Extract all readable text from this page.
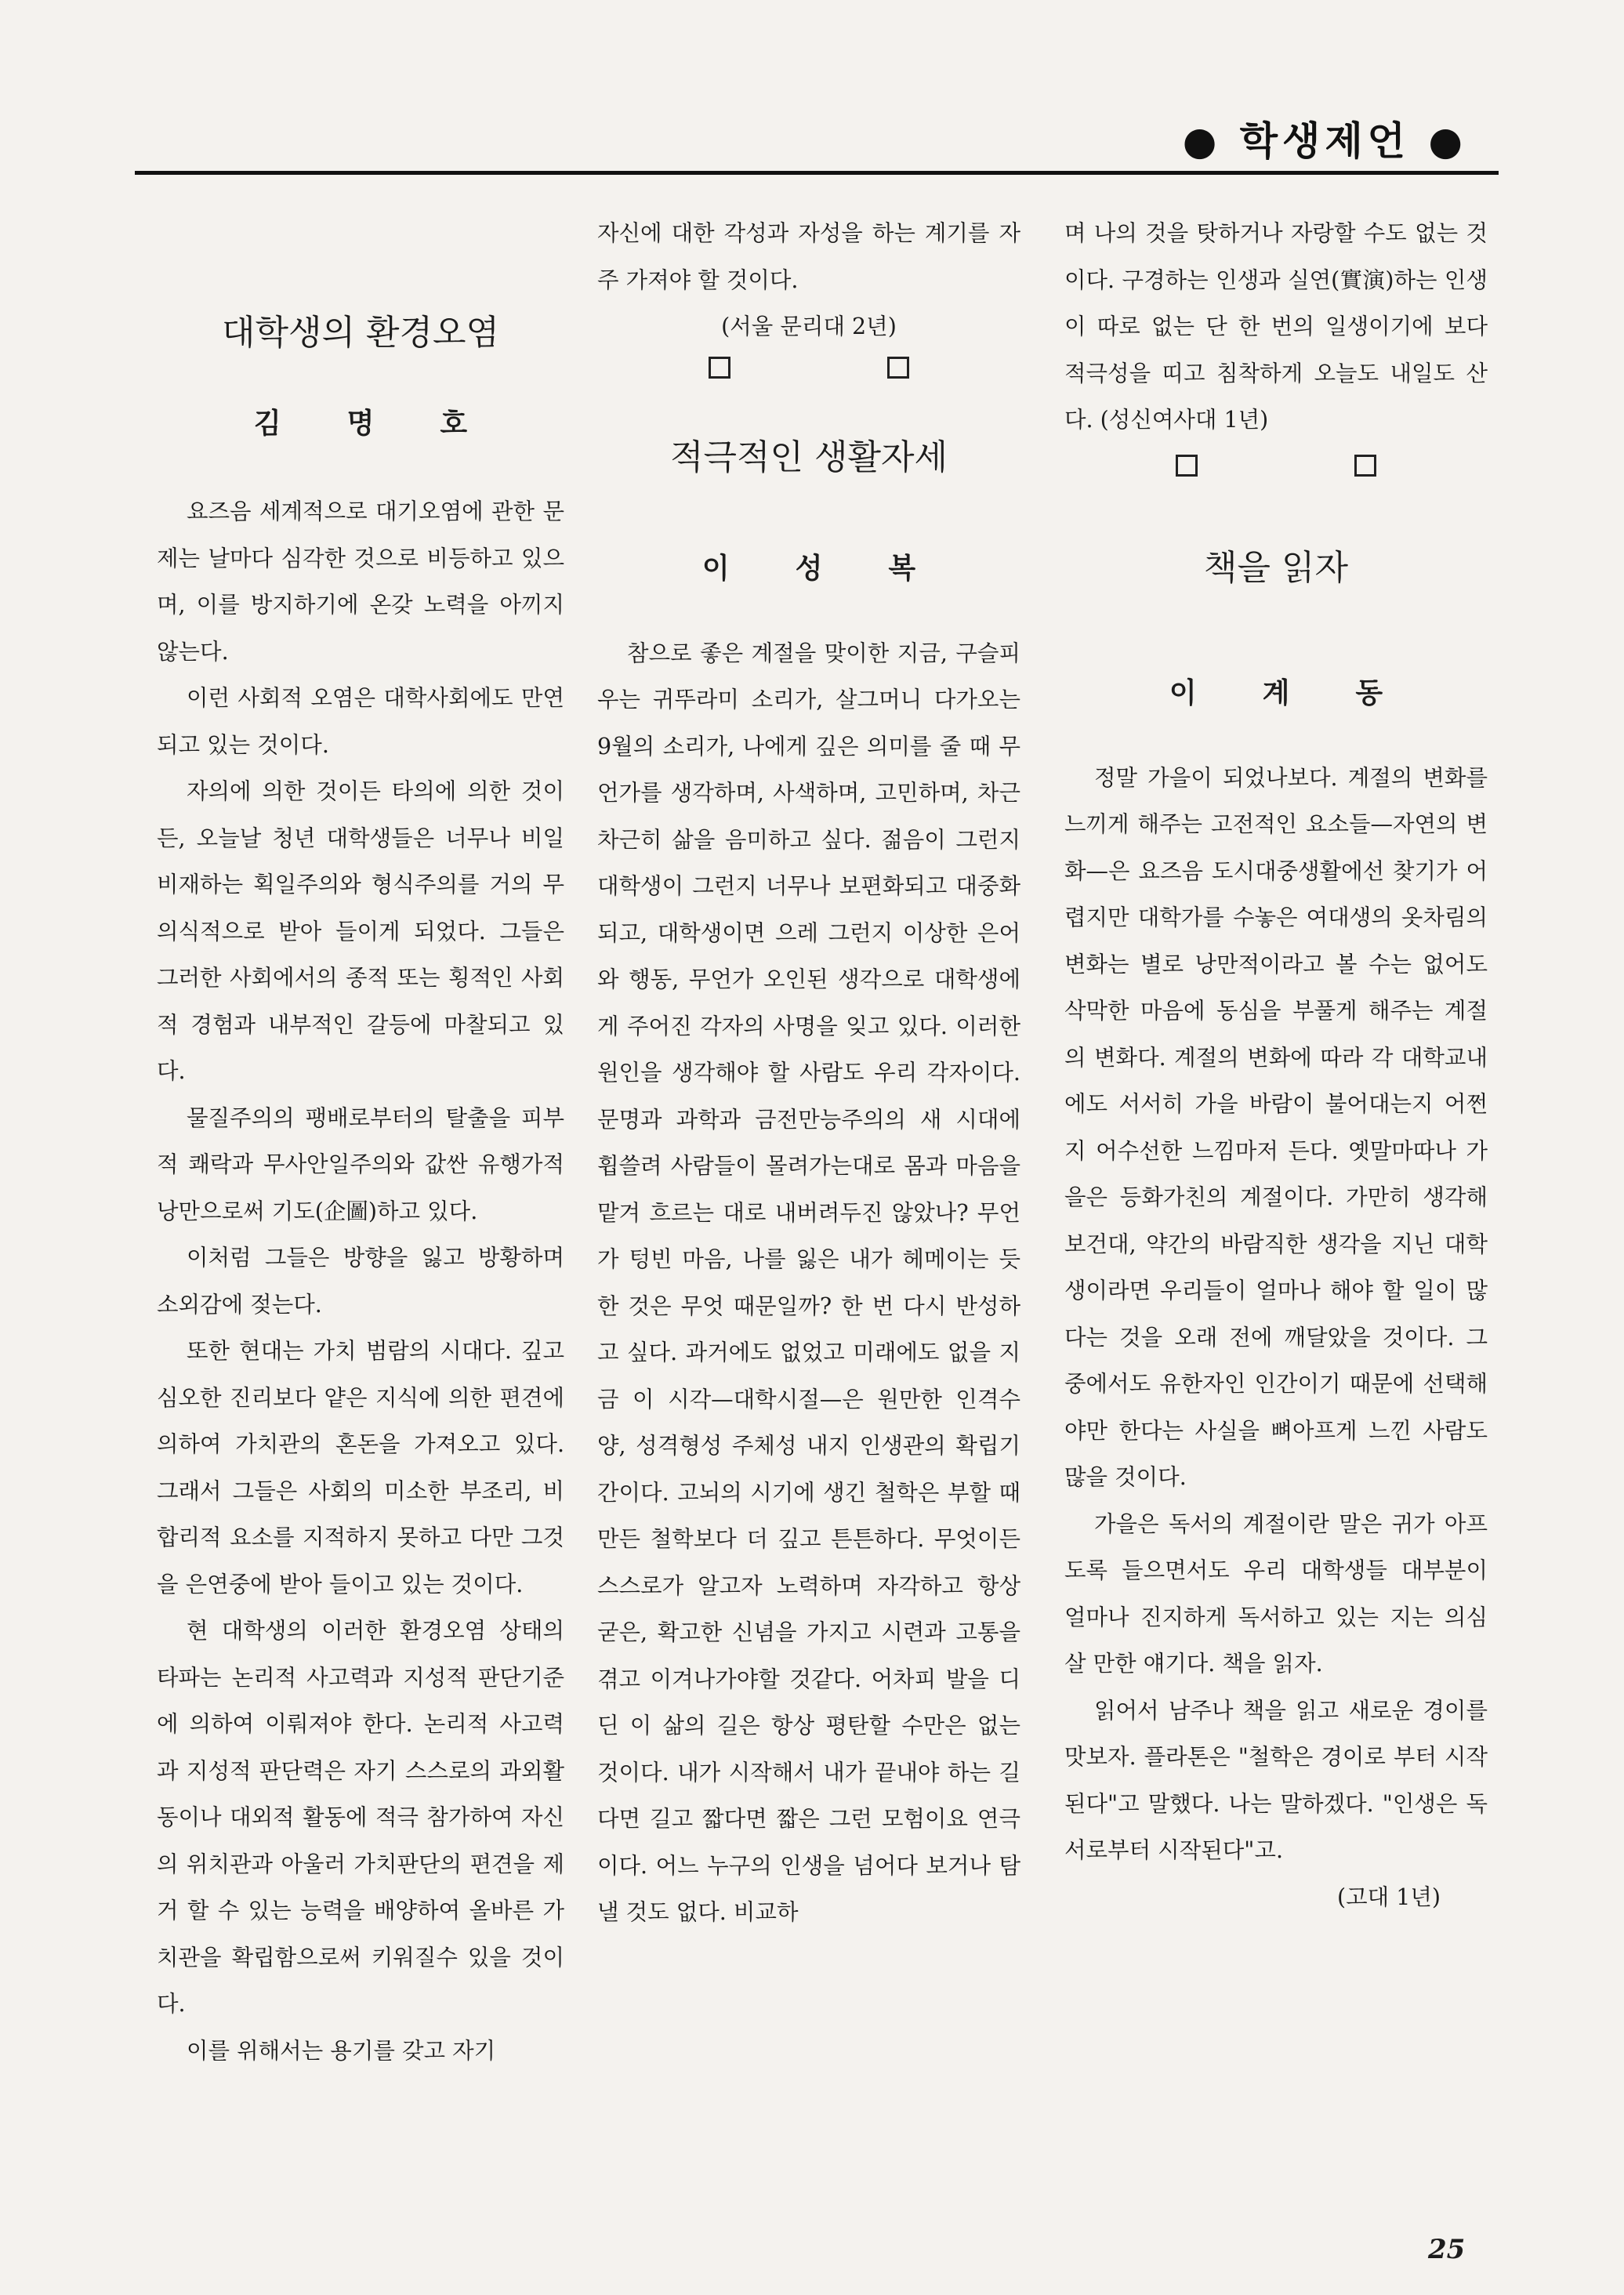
● 학생제언 ●
대학생의 환경오염
김명호

요즈음 세계적으로 대기오염에 관한 문제는 날마다 심각한 것으로 비등하고 있으며, 이를 방지하기에 온갖 노력을 아끼지 않는다.

이런 사회적 오염은 대학사회에도 만연되고 있는 것이다.

자의에 의한 것이든 타의에 의한 것이든, 오늘날 청년 대학생들은 너무나 비일비재하는 획일주의와 형식주의를 거의 무의식적으로 받아 들이게 되었다. 그들은 그러한 사회에서의 종적 또는 횡적인 사회적 경험과 내부적인 갈등에 마찰되고 있다.

물질주의의 팽배로부터의 탈출을 피부적 쾌락과 무사안일주의와 값싼 유행가적 낭만으로써 기도(企圖)하고 있다.

이처럼 그들은 방향을 잃고 방황하며 소외감에 젖는다.

또한 현대는 가치 범람의 시대다. 깊고 심오한 진리보다 얕은 지식에 의한 편견에 의하여 가치관의 혼돈을 가져오고 있다. 그래서 그들은 사회의 미소한 부조리, 비합리적 요소를 지적하지 못하고 다만 그것을 은연중에 받아 들이고 있는 것이다.

현 대학생의 이러한 환경오염 상태의 타파는 논리적 사고력과 지성적 판단기준에 의하여 이뤄져야 한다. 논리적 사고력과 지성적 판단력은 자기 스스로의 과외활동이나 대외적 활동에 적극 참가하여 자신의 위치관과 아울러 가치판단의 편견을 제거 할 수 있는 능력을 배양하여 올바른 가치관을 확립함으로써 키워질수 있을 것이다.

이를 위해서는 용기를 갖고 자기

자신에 대한 각성과 자성을 하는 계기를 자주 가져야 할 것이다.

(서울 문리대 2년)

적극적인 생활자세
이성복

참으로 좋은 계절을 맞이한 지금, 구슬피 우는 귀뚜라미 소리가, 살그머니 다가오는 9월의 소리가, 나에게 깊은 의미를 줄 때 무언가를 생각하며, 사색하며, 고민하며, 차근차근히 삶을 음미하고 싶다. 젊음이 그런지 대학생이 그런지 너무나 보편화되고 대중화되고, 대학생이면 으레 그런지 이상한 은어와 행동, 무언가 오인된 생각으로 대학생에게 주어진 각자의 사명을 잊고 있다. 이러한 원인을 생각해야 할 사람도 우리 각자이다. 문명과 과학과 금전만능주의의 새 시대에 휩쓸려 사람들이 몰려가는대로 몸과 마음을 맡겨 흐르는 대로 내버려두진 않았나? 무언가 텅빈 마음, 나를 잃은 내가 헤메이는 듯한 것은 무엇 때문일까? 한 번 다시 반성하고 싶다. 과거에도 없었고 미래에도 없을 지금 이 시각—대학시절—은 원만한 인격수양, 성격형성 주체성 내지 인생관의 확립기간이다. 고뇌의 시기에 생긴 철학은 부할 때 만든 철학보다 더 깊고 튼튼하다. 무엇이든 스스로가 알고자 노력하며 자각하고 항상 굳은, 확고한 신념을 가지고 시련과 고통을 겪고 이겨나가야할 것같다. 어차피 발을 디딘 이 삶의 길은 항상 평탄할 수만은 없는 것이다. 내가 시작해서 내가 끝내야 하는 길다면 길고 짧다면 짧은 그런 모험이요 연극이다. 어느 누구의 인생을 넘어다 보거나 탐낼 것도 없다. 비교하

며 나의 것을 탓하거나 자랑할 수도 없는 것이다. 구경하는 인생과 실연(實演)하는 인생이 따로 없는 단 한 번의 일생이기에 보다 적극성을 띠고 침착하게 오늘도 내일도 산다. (성신여사대 1년)

책을 읽자
이계동

정말 가을이 되었나보다. 계절의 변화를 느끼게 해주는 고전적인 요소들—자연의 변화—은 요즈음 도시대중생활에선 찾기가 어렵지만 대학가를 수놓은 여대생의 옷차림의 변화는 별로 낭만적이라고 볼 수는 없어도 삭막한 마음에 동심을 부풀게 해주는 계절의 변화다. 계절의 변화에 따라 각 대학교내에도 서서히 가을 바람이 불어대는지 어쩐지 어수선한 느낌마저 든다. 옛말마따나 가을은 등화가친의 계절이다. 가만히 생각해 보건대, 약간의 바람직한 생각을 지닌 대학생이라면 우리들이 얼마나 해야 할 일이 많다는 것을 오래 전에 깨달았을 것이다. 그 중에서도 유한자인 인간이기 때문에 선택해야만 한다는 사실을 뼈아프게 느낀 사람도 많을 것이다.

가을은 독서의 계절이란 말은 귀가 아프도록 들으면서도 우리 대학생들 대부분이 얼마나 진지하게 독서하고 있는 지는 의심살 만한 얘기다. 책을 읽자.

읽어서 남주나 책을 읽고 새로운 경이를 맛보자. 플라톤은 "철학은 경이로 부터 시작된다"고 말했다. 나는 말하겠다. "인생은 독서로부터 시작된다"고.

(고대 1년)

25
